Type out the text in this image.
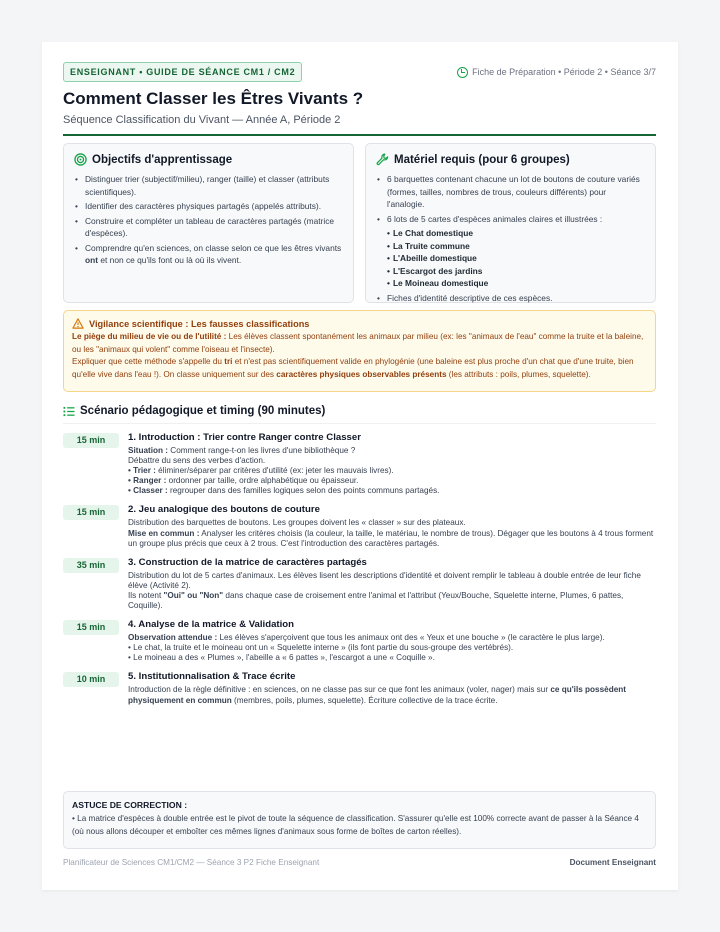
ENSEIGNANT • GUIDE DE SÉANCE CM1 / CM2	Fiche de Préparation • Période 2 • Séance 3/7
Comment Classer les Êtres Vivants ?
Séquence Classification du Vivant — Année A, Période 2
Objectifs d'apprentissage
• Distinguer trier (subjectif/milieu), ranger (taille) et classer (attributs scientifiques).
• Identifier des caractères physiques partagés (appelés attributs).
• Construire et compléter un tableau de caractères partagés (matrice d'espèces).
• Comprendre qu'en sciences, on classe selon ce que les êtres vivants ont et non ce qu'ils font ou là où ils vivent.
Matériel requis (pour 6 groupes)
• 6 barquettes contenant chacune un lot de boutons de couture variés (formes, tailles, nombres de trous, couleurs différents) pour l'analogie.
• 6 lots de 5 cartes d'espèces animales claires et illustrées :
• Le Chat domestique
• La Truite commune
• L'Abeille domestique
• L'Escargot des jardins
• Le Moineau domestique
• Fiches d'identité descriptive de ces espèces.
Vigilance scientifique : Les fausses classifications

Le piège du milieu de vie ou de l'utilité : Les élèves classent spontanément les animaux par milieu (ex: les "animaux de l'eau" comme la truite et la baleine, ou les "animaux qui volent" comme l'oiseau et l'insecte).

Expliquer que cette méthode s'appelle du tri et n'est pas scientifiquement valide en phylogénie (une baleine est plus proche d'un chat que d'une truite, bien qu'elle vive dans l'eau !). On classe uniquement sur des caractères physiques observables présents (les attributs : poils, plumes, squelette).

Scénario pédagogique et timing (90 minutes)
15 min	1. Introduction : Trier contre Ranger contre Classer
Situation : Comment range-t-on les livres d'une bibliothèque ?
Débattre du sens des verbes d'action.
• Trier : éliminer/séparer par critères d'utilité (ex: jeter les mauvais livres).
• Ranger : ordonner par taille, ordre alphabétique ou épaisseur.
• Classer : regrouper dans des familles logiques selon des points communs partagés.
15 min	2. Jeu analogique des boutons de couture
Distribution des barquettes de boutons. Les groupes doivent les « classer » sur des plateaux.
Mise en commun : Analyser les critères choisis (la couleur, la taille, le matériau, le nombre de trous). Dégager que les boutons à 4 trous forment un groupe plus précis que ceux à 2 trous. C'est l'introduction des caractères partagés.
35 min	3. Construction de la matrice de caractères partagés
Distribution du lot de 5 cartes d'animaux. Les élèves lisent les descriptions d'identité et doivent remplir le tableau à double entrée de leur fiche élève (Activité 2).
Ils notent "Oui" ou "Non" dans chaque case de croisement entre l'animal et l'attribut (Yeux/Bouche, Squelette interne, Plumes, 6 pattes, Coquille).
15 min	4. Analyse de la matrice & Validation
Observation attendue : Les élèves s'aperçoivent que tous les animaux ont des « Yeux et une bouche » (le caractère le plus large).
• Le chat, la truite et le moineau ont un « Squelette interne » (ils font partie du sous-groupe des vertébrés).
• Le moineau a des « Plumes », l'abeille a « 6 pattes », l'escargot a une « Coquille ».
10 min	5. Institutionnalisation & Trace écrite
Introduction de la règle définitive : en sciences, on ne classe pas sur ce que font les animaux (voler, nager) mais sur ce qu'ils possèdent physiquement en commun (membres, poils, plumes, squelette). Écriture collective de la trace écrite.
ASTUCE DE CORRECTION :
• La matrice d'espèces à double entrée est le pivot de toute la séquence de classification. S'assurer qu'elle est 100% correcte avant de passer à la Séance 4 (où nous allons découper et emboîter ces mêmes lignes d'animaux sous forme de boîtes de carton réelles).
Planificateur de Sciences CM1/CM2 — Séance 3 P2 Fiche Enseignant	Document Enseignant
